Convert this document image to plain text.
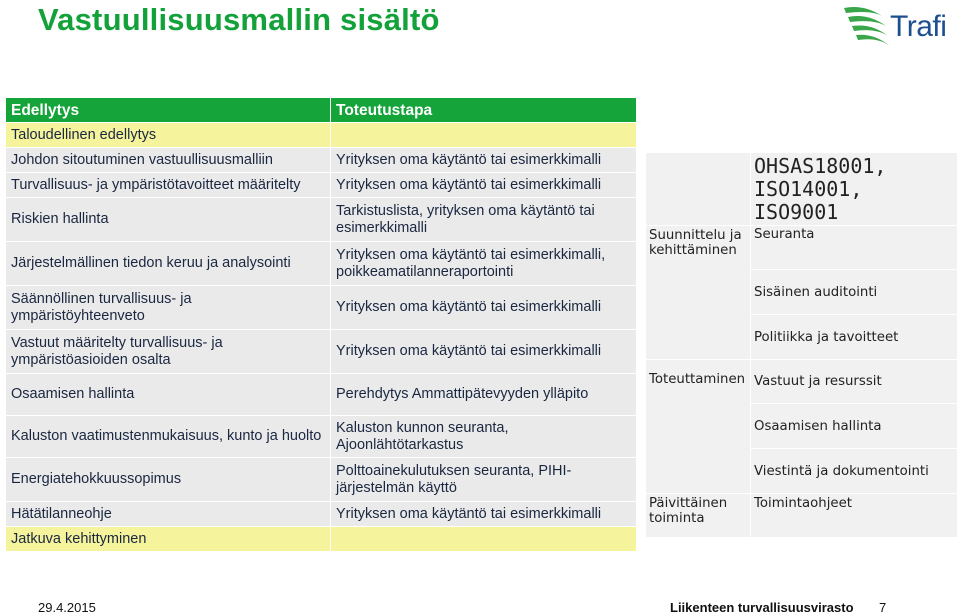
Vastuullisuusmallin sisältö	Trafi
Edellytys	Toteutustapa
Taloudellinen edellytys	
Johdon sitoutuminen vastuullisuusmalliin	Yrityksen oma käytäntö tai esimerkkimalli
Turvallisuus- ja ympäristötavoitteet määritelty	Yrityksen oma käytäntö tai esimerkkimalli
Riskien hallinta	Tarkistuslista, yrityksen oma käytäntö tai esimerkkimalli
Järjestelmällinen tiedon keruu ja analysointi	Yrityksen oma käytäntö tai esimerkkimalli, poikkeamatilanneraportointi
Säännöllinen turvallisuus- ja ympäristöyhteenveto	Yrityksen oma käytäntö tai esimerkkimalli
Vastuut määritelty turvallisuus- ja ympäristöasioiden osalta	Yrityksen oma käytäntö tai esimerkkimalli
Osaamisen hallinta	Perehdytys Ammattipätevyyden ylläpito
Kaluston vaatimustenmukaisuus, kunto ja huolto	Kaluston kunnon seuranta, Ajoonlähtötarkastus
Energiatehokkuussopimus	Polttoainekulutuksen seuranta, PIHI-järjestelmän käyttö
Hätätilanneohje	Yrityksen oma käytäntö tai esimerkkimalli
Jatkuva kehittyminen	
	OHSAS18001, ISO14001, ISO9001
Suunnittelu ja kehittäminen	Seuranta
	Sisäinen auditointi
	Politiikka ja tavoitteet
Toteuttaminen	Vastuut ja resurssit
	Osaamisen hallinta
	Viestintä ja dokumentointi
Päivittäinen toiminta	Toimintaohjeet
29.4.2015	Liikenteen turvallisuusvirasto 7
